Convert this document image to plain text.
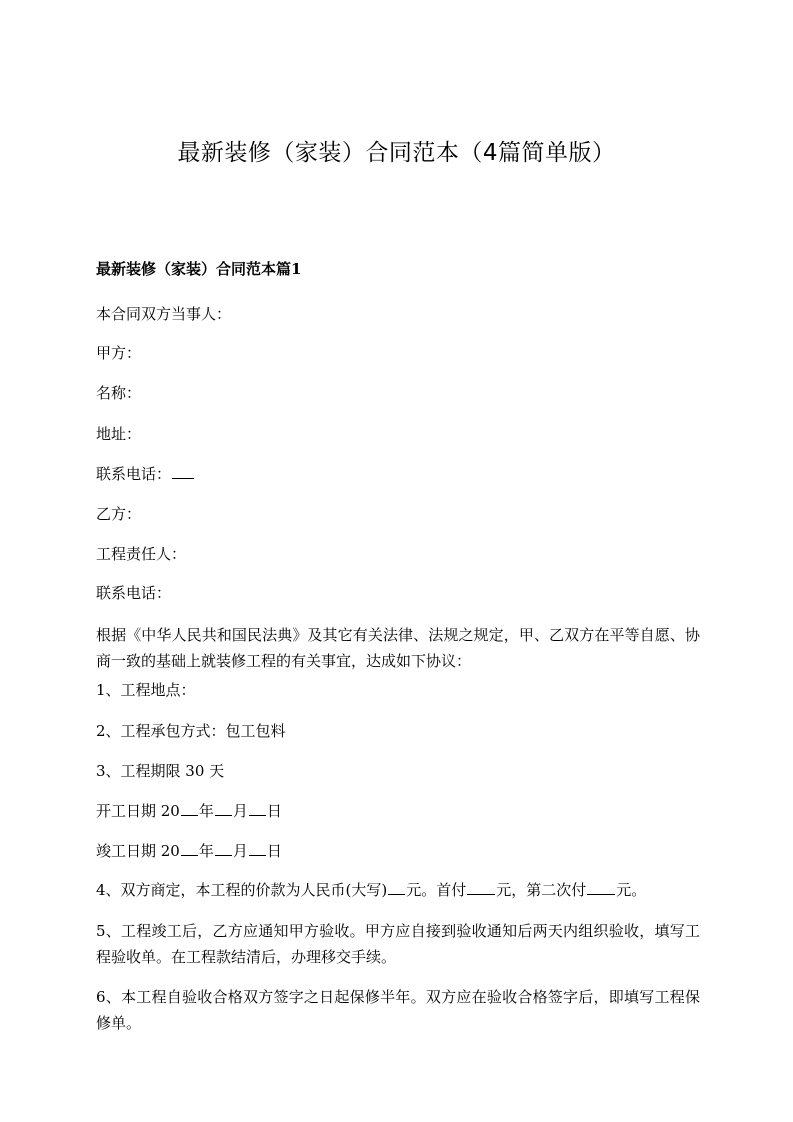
最新装修（家装）合同范本（4篇简单版）
最新装修（家装）合同范本篇1
本合同双方当事人：
甲方：
名称：
地址：
联系电话：
乙方：
工程责任人：
联系电话：
根据《中华人民共和国民法典》及其它有关法律、法规之规定，甲、乙双方在平等自愿、协商一致的基础上就装修工程的有关事宜，达成如下协议：
1、工程地点：
2、工程承包方式：包工包料
3、工程期限 30 天
开工日期 20 年 月 日
竣工日期 20 年 月 日
4、双方商定，本工程的价款为人民币(大写) 元。首付 元，第二次付 元。
5、工程竣工后，乙方应通知甲方验收。甲方应自接到验收通知后两天内组织验收，填写工程验收单。在工程款结清后，办理移交手续。
6、本工程自验收合格双方签字之日起保修半年。双方应在验收合格签字后，即填写工程保修单。
